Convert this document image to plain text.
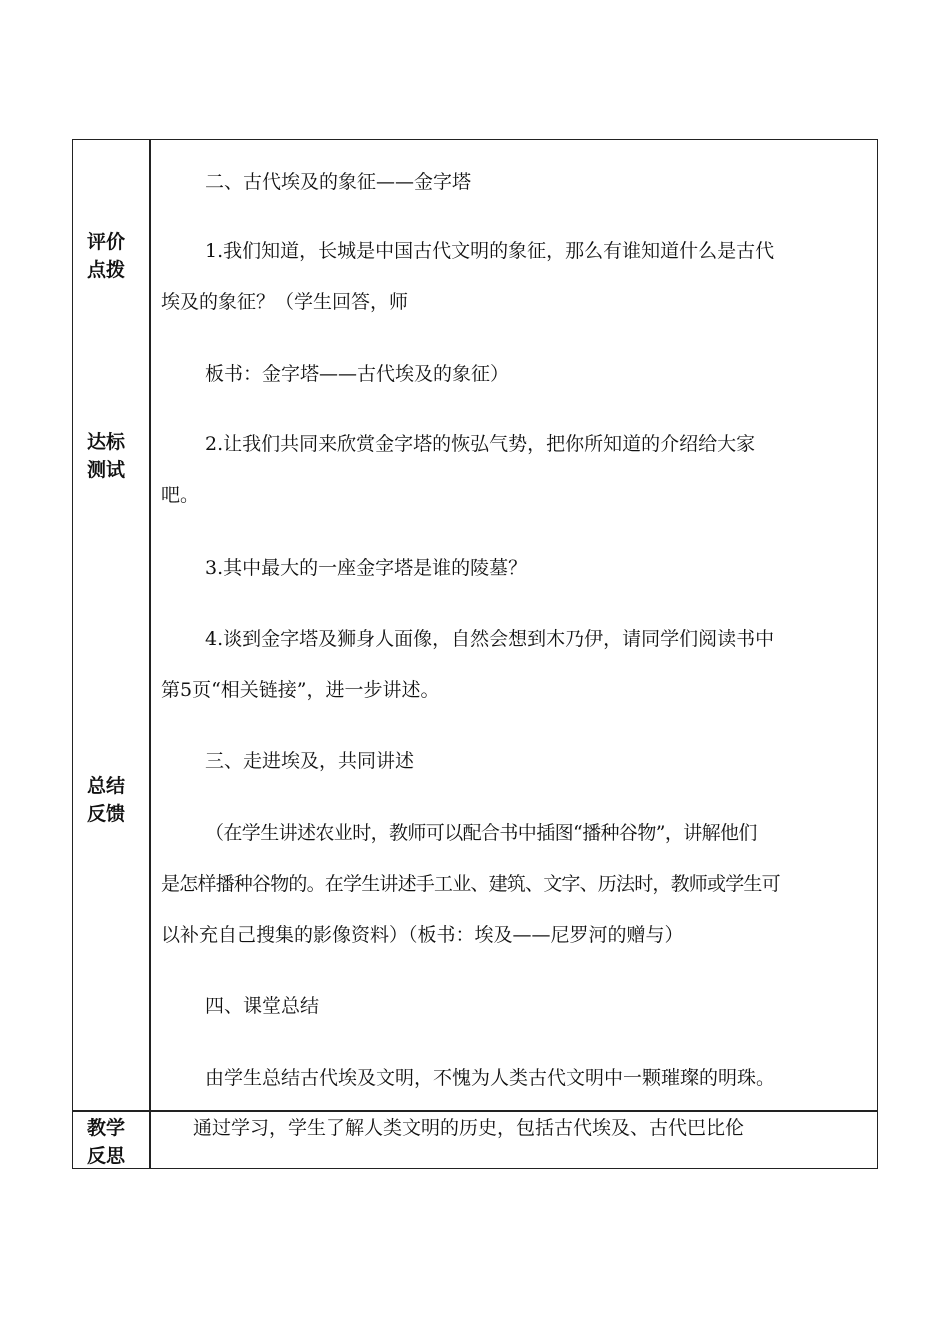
评价
点拨
达标
测试
总结
反馈
教学
反思

二、古代埃及的象征——金字塔

1.我们知道，长城是中国古代文明的象征，那么有谁知道什么是古代

埃及的象征？（学生回答，师

板书：金字塔——古代埃及的象征）

2.让我们共同来欣赏金字塔的恢弘气势，把你所知道的介绍给大家

吧。

3.其中最大的一座金字塔是谁的陵墓？

4.谈到金字塔及狮身人面像，自然会想到木乃伊，请同学们阅读书中

第5页“相关链接”，进一步讲述。

三、走进埃及，共同讲述

（在学生讲述农业时，教师可以配合书中插图“播种谷物”，讲解他们

是怎样播种谷物的。在学生讲述手工业、建筑、文字、历法时，教师或学生可

以补充自己搜集的影像资料）（板书：埃及——尼罗河的赠与）

四、课堂总结

由学生总结古代埃及文明，不愧为人类古代文明中一颗璀璨的明珠。

通过学习，学生了解人类文明的历史，包括古代埃及、古代巴比伦
